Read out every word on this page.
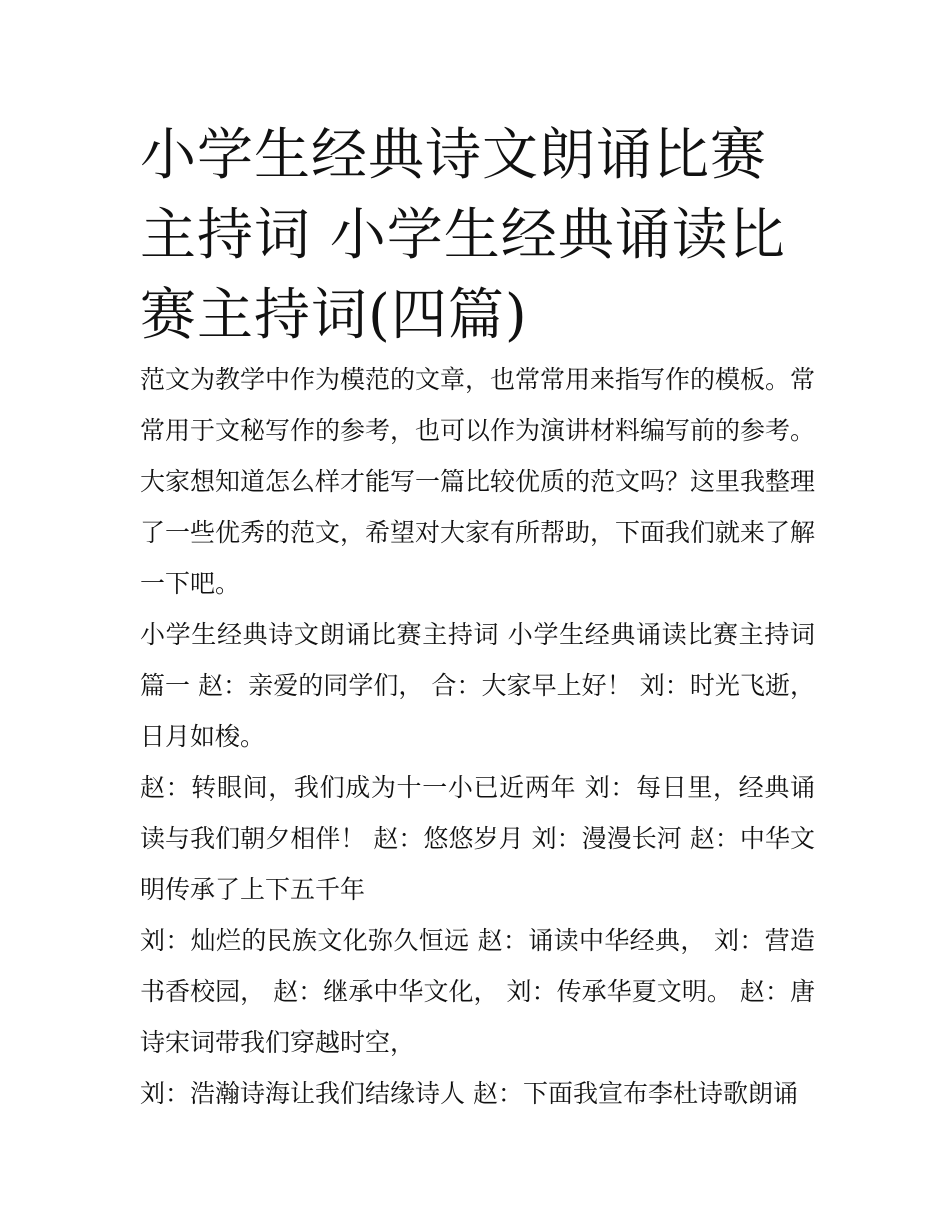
小学生经典诗文朗诵比赛主持词 小学生经典诵读比赛主持词(四篇)

范文为教学中作为模范的文章，也常常用来指写作的模板。常常用于文秘写作的参考，也可以作为演讲材料编写前的参考。大家想知道怎么样才能写一篇比较优质的范文吗？这里我整理了一些优秀的范文，希望对大家有所帮助，下面我们就来了解一下吧。

小学生经典诗文朗诵比赛主持词 小学生经典诵读比赛主持词篇一 赵：亲爱的同学们， 合：大家早上好！ 刘：时光飞逝，日月如梭。

赵：转眼间，我们成为十一小已近两年 刘：每日里，经典诵读与我们朝夕相伴！ 赵：悠悠岁月 刘：漫漫长河 赵：中华文明传承了上下五千年

刘：灿烂的民族文化弥久恒远 赵：诵读中华经典， 刘：营造书香校园， 赵：继承中华文化， 刘：传承华夏文明。 赵：唐诗宋词带我们穿越时空，

刘：浩瀚诗海让我们结缘诗人 赵：下面我宣布李杜诗歌朗诵
